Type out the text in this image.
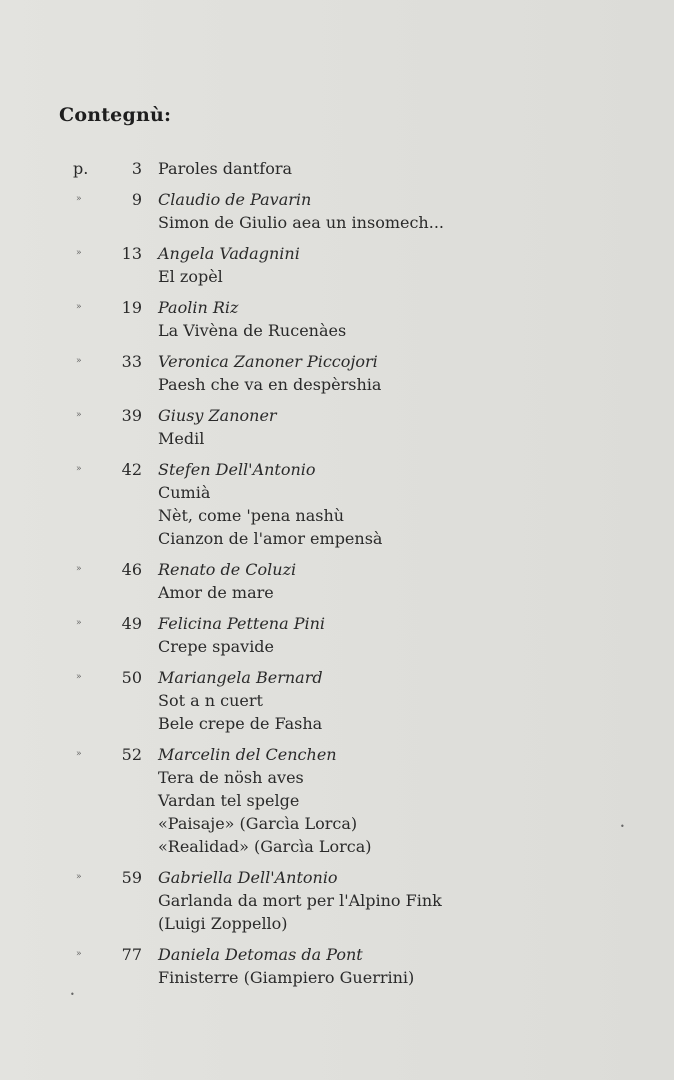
Contegnù:
p.	3 Paroles dantfora
»	9 Claudio de Pavarin
Simon de Giulio aea un insomech...
»	13 Angela Vadagnini
El zopèl
»	19 Paolin Riz
La Vivèna de Rucenàes
»	33 Veronica Zanoner Piccojori
Paesh che va en despèrshia
»	39 Giusy Zanoner
Medil
»	42 Stefen Dell'Antonio
Cumià
Nèt, come 'pena nashù
Cianzon de l'amor empensà
»	46 Renato de Coluzi
Amor de mare
»	49 Felicina Pettena Pini
Crepe spavide
»	50 Mariangela Bernard
Sot a n cuert
Bele crepe de Fasha
»	52 Marcelin del Cenchen
Tera de nösh aves
Vardan tel spelge
«Paisaje» (Garcìa Lorca)
«Realidad» (Garcìa Lorca)
»	59 Gabriella Dell'Antonio
Garlanda da mort per l'Alpino Fink
(Luigi Zoppello)
»	77 Daniela Detomas da Pont
Finisterre (Giampiero Guerrini)
•
•
